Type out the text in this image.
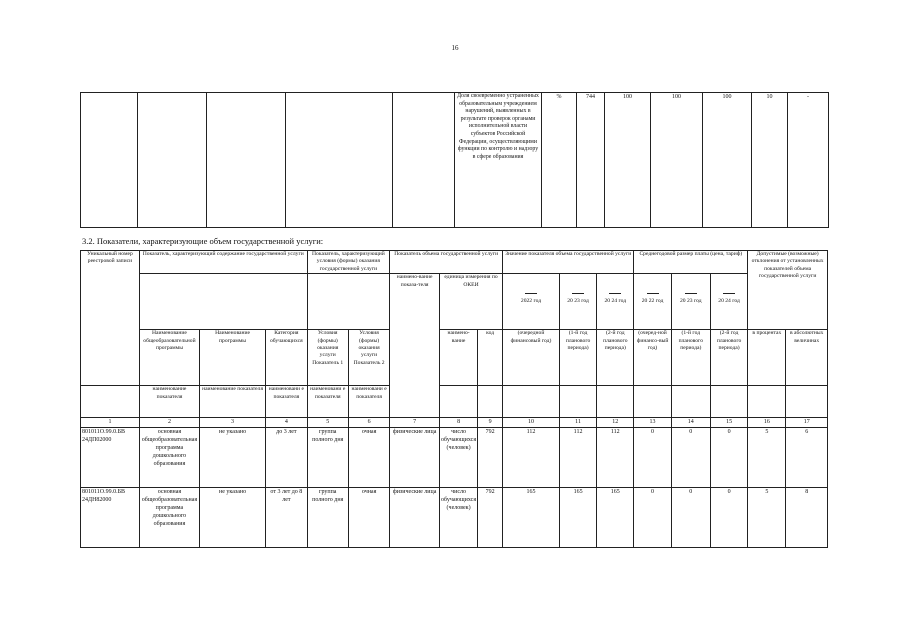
16
					Доля своевременно устраненных образовательным учреждением нарушений, выявленных в результате проверок органами исполнительной власти субъектов Российской Федерации, осуществляющими функции по контролю и надзору в сфере образования	%	744	100	100	100	10	-
3.2. Показатели, характеризующие объем государственной услуги:
Уникальный номер реестровой записи	Показатель, характеризующий содержание государственной услуги			Показатель, характеризующий условия (формы) оказания государственной услуги		Показатель объема государственной услуги			Значение показателя объема государственной услуги			Среднегодовой размер платы (цена, тариф)			Допустимые (возможные) отклонения от установленных показателей объема государственной услуги	
						наимено-вание показа-теля	единица измерения по ОКЕИ		2022 год	20 23 год	20 24 год	20 22 год	20 23 год	20 24 год		
	Наименование общеобразовательной программы	Наименование программы	Категория обучающихся	Условия (формы) оказания услуги Показатель 1	Условия (формы) оказания услуги Показатель 2		наимено-вание	код	(очередной финансовый год)	(1-й год планового периода)	(2-й год планового периода)	(очеред-ной финансо-вый год)	(1-й год планового периода)	(2-й год планового периода)	в процентах	в абсолютных величинах
	наименование показателя	наименование показателя	наименовани е показателя	наименовани е показателя	наименовани е показателя											
1	2	3	4	5	6	7	8	9	10	11	12	13	14	15	16	17
801011О.99.0.БВ 24ДП02000	основная общеобразовательная программа дошкольного образования	не указано	до 3 лет	группа полного дня	очная	физические лица	число обучающихся (человек)	792	112	112	112	0	0	0	5	6
801011О.99.0.БВ 24ДН82000	основная общеобразовательная программа дошкольного образования	не указано	от 3 лет до 8 лет	группа полного дня	очная	физические лица	число обучающихся (человек)	792	165	165	165	0	0	0	5	8
